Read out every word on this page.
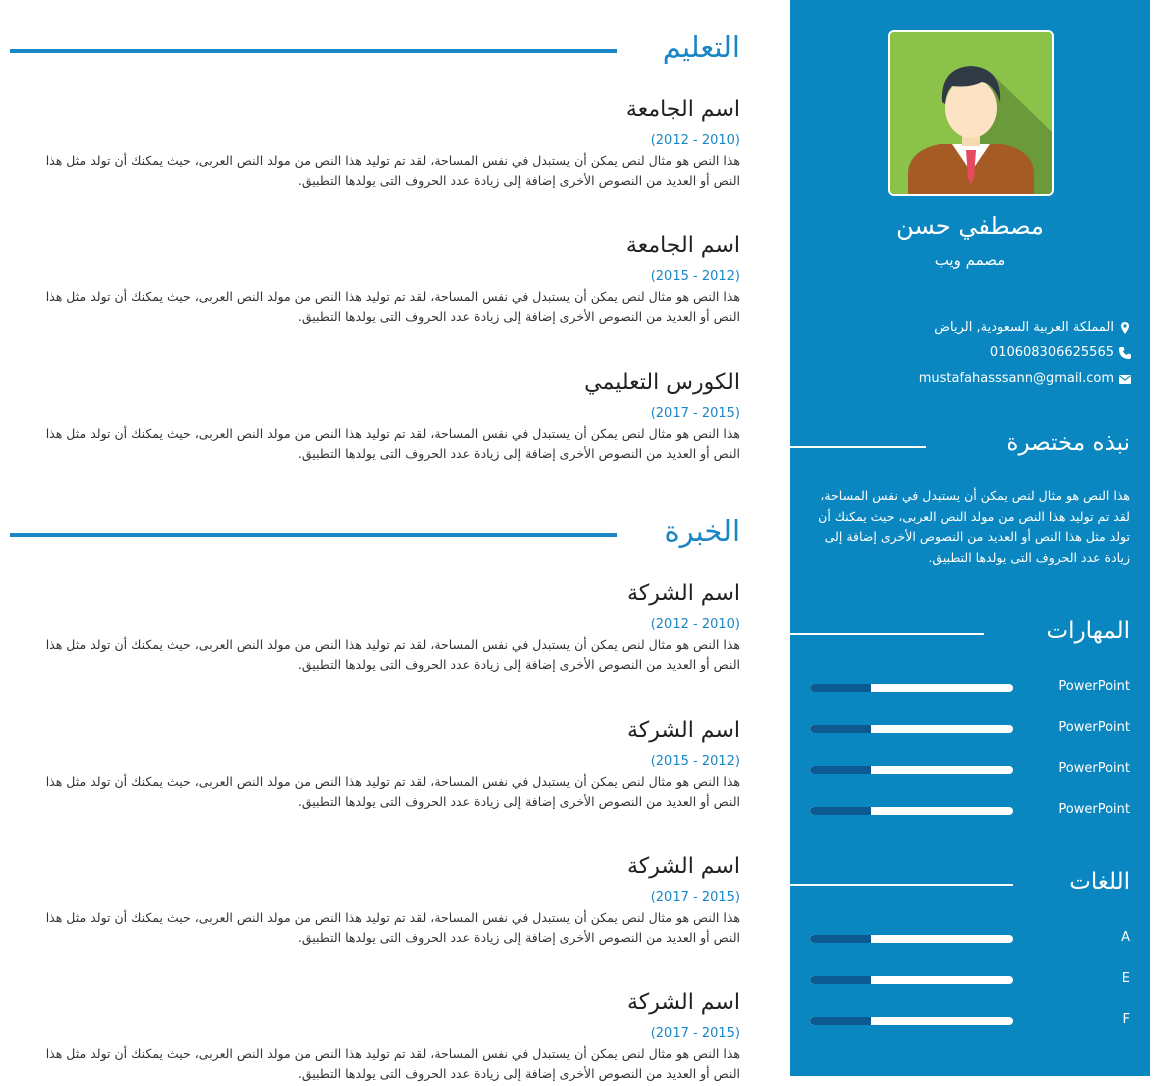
التعليم
اسم الجامعة
(2012 - 2010)
هذا النص هو مثال لنص يمكن أن يستبدل في نفس المساحة، لقد تم توليد هذا النص من مولد النص العربى، حيث يمكنك أن تولد مثل هذا النص أو العديد من النصوص الأخرى إضافة إلى زيادة عدد الحروف التى يولدها التطبيق.
اسم الجامعة
(2015 - 2012)
هذا النص هو مثال لنص يمكن أن يستبدل في نفس المساحة، لقد تم توليد هذا النص من مولد النص العربى، حيث يمكنك أن تولد مثل هذا النص أو العديد من النصوص الأخرى إضافة إلى زيادة عدد الحروف التى يولدها التطبيق.
الكورس التعليمي
(2017 - 2015)
هذا النص هو مثال لنص يمكن أن يستبدل في نفس المساحة، لقد تم توليد هذا النص من مولد النص العربى، حيث يمكنك أن تولد مثل هذا النص أو العديد من النصوص الأخرى إضافة إلى زيادة عدد الحروف التى يولدها التطبيق.
الخبرة
اسم الشركة
(2012 - 2010)
هذا النص هو مثال لنص يمكن أن يستبدل في نفس المساحة، لقد تم توليد هذا النص من مولد النص العربى، حيث يمكنك أن تولد مثل هذا النص أو العديد من النصوص الأخرى إضافة إلى زيادة عدد الحروف التى يولدها التطبيق.
اسم الشركة
(2015 - 2012)
هذا النص هو مثال لنص يمكن أن يستبدل في نفس المساحة، لقد تم توليد هذا النص من مولد النص العربى، حيث يمكنك أن تولد مثل هذا النص أو العديد من النصوص الأخرى إضافة إلى زيادة عدد الحروف التى يولدها التطبيق.
اسم الشركة
(2017 - 2015)
هذا النص هو مثال لنص يمكن أن يستبدل في نفس المساحة، لقد تم توليد هذا النص من مولد النص العربى، حيث يمكنك أن تولد مثل هذا النص أو العديد من النصوص الأخرى إضافة إلى زيادة عدد الحروف التى يولدها التطبيق.
اسم الشركة
(2017 - 2015)
هذا النص هو مثال لنص يمكن أن يستبدل في نفس المساحة، لقد تم توليد هذا النص من مولد النص العربى، حيث يمكنك أن تولد مثل هذا النص أو العديد من النصوص الأخرى إضافة إلى زيادة عدد الحروف التى يولدها التطبيق.
مصطفي حسن
مصمم ويب
المملكة العربية السعودية, الرياض
010608306625565
mustafahasssann@gmail.com
نبذه مختصرة
هذا النص هو مثال لنص يمكن أن يستبدل في نفس المساحة، لقد تم توليد هذا النص من مولد النص العربى، حيث يمكنك أن تولد مثل هذا النص أو العديد من النصوص الأخرى إضافة إلى زيادة عدد الحروف التى يولدها التطبيق.
المهارات
PowerPoint
PowerPoint
PowerPoint
PowerPoint
اللغات
A
E
F
